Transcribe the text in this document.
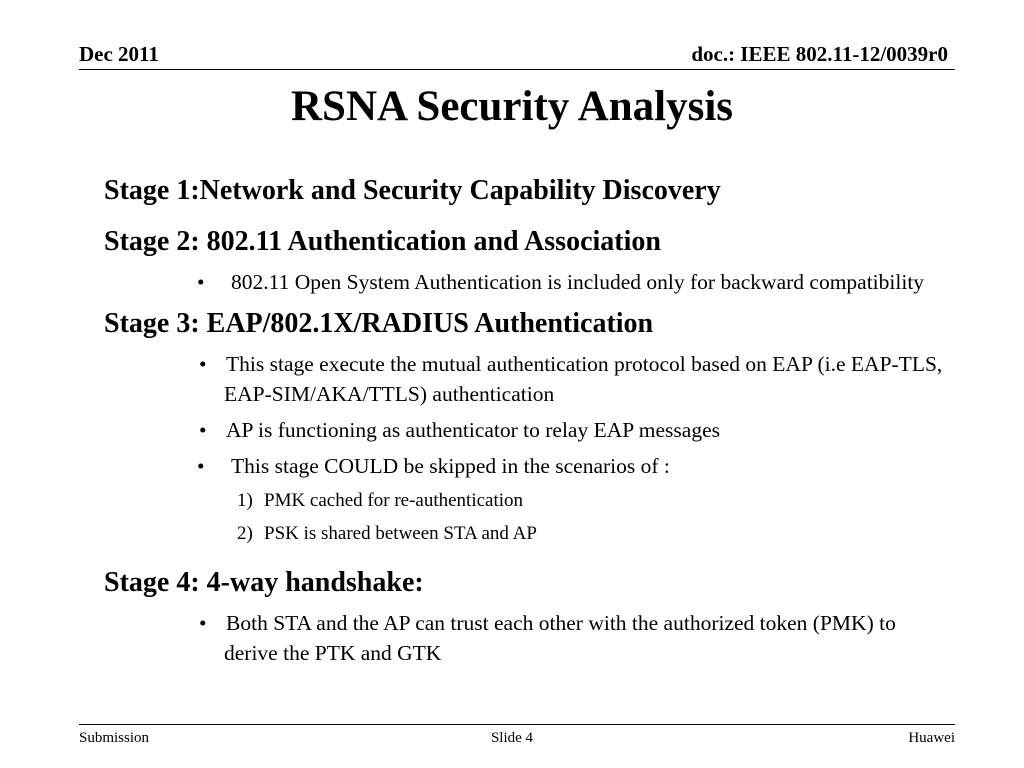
Dec 2011	doc.: IEEE 802.11-12/0039r0
RSNA Security Analysis
Stage 1:Network and Security Capability Discovery
Stage 2: 802.11 Authentication and Association
• 802.11 Open System Authentication is included only for backward compatibility
Stage 3: EAP/802.1X/RADIUS Authentication
• This stage execute the mutual authentication protocol based on EAP (i.e EAP-TLS, EAP-SIM/AKA/TTLS) authentication
• AP is functioning as authenticator to relay EAP messages
• This stage COULD be skipped in the scenarios of :
1) PMK cached for re-authentication
2) PSK is shared between STA and AP
Stage 4: 4-way handshake:
• Both STA and the AP can trust each other with the authorized token (PMK) to derive the PTK and GTK
Submission	Slide 4	Huawei
